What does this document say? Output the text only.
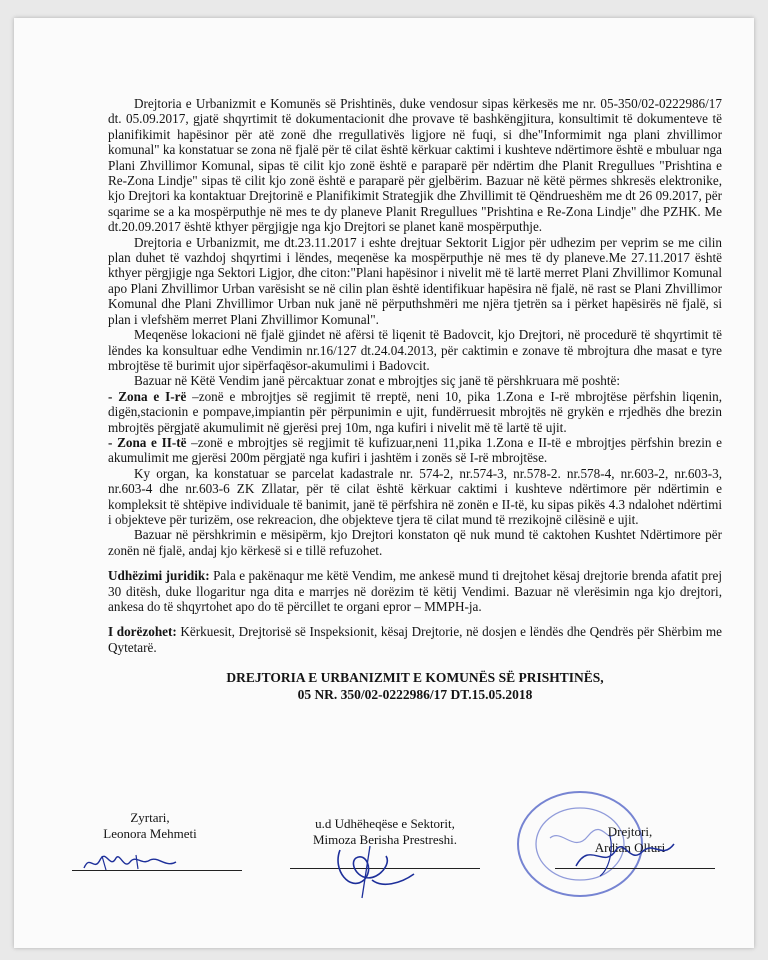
Drejtoria e Urbanizmit e Komunës së Prishtinës, duke vendosur sipas kërkesës me nr. 05-350/02-0222986/17 dt. 05.09.2017, gjatë shqyrtimit të dokumentacionit dhe provave të bashkëngjitura, konsultimit të dokumenteve të planifikimit hapësinor për atë zonë dhe rregullativës ligjore në fuqi, si dhe"Informimit nga plani zhvillimor komunal" ka konstatuar se zona në fjalë për të cilat është kërkuar caktimi i kushteve ndërtimore është e mbuluar nga Plani Zhvillimor Komunal, sipas të cilit kjo zonë është e paraparë për ndërtim dhe Planit Rregullues "Prishtina e Re-Zona Lindje" sipas të cilit kjo zonë është e paraparë për gjelbërim. Bazuar në këtë përmes shkresës elektronike, kjo Drejtori ka kontaktuar Drejtorinë e Planifikimit Strategjik dhe Zhvillimit të Qëndrueshëm me dt 26 09.2017, për sqarime se a ka mospërputhje në mes te dy planeve Planit Rregullues "Prishtina e Re-Zona Lindje" dhe PZHK. Me dt.20.09.2017 është kthyer përgjigje nga kjo Drejtori se planet kanë mospërputhje.

Drejtoria e Urbanizmit, me dt.23.11.2017 i eshte drejtuar Sektorit Ligjor për udhezim per veprim se me cilin plan duhet të vazhdoj shqyrtimi i lëndes, meqenëse ka mospërputhje në mes të dy planeve.Me 27.11.2017 është kthyer përgjigje nga Sektori Ligjor, dhe citon:"Plani hapësinor i nivelit më të lartë merret Plani Zhvillimor Komunal apo Plani Zhvillimor Urban varësisht se në cilin plan është identifikuar hapësira në fjalë, në rast se Plani Zhvillimor Komunal dhe Plani Zhvillimor Urban nuk janë në përputhshmëri me njëra tjetrën sa i përket hapësirës në fjalë, si plan i vlefshëm merret Plani Zhvillimor Komunal".

Meqenëse lokacioni në fjalë gjindet në afërsi të liqenit të Badovcit, kjo Drejtori, në procedurë të shqyrtimit të lëndes ka konsultuar edhe Vendimin nr.16/127 dt.24.04.2013, për caktimin e zonave të mbrojtura dhe masat e tyre mbrojtëse të burimit ujor sipërfaqësor-akumulimi i Badovcit.

Bazuar në Këtë Vendim janë përcaktuar zonat e mbrojtjes siç janë të përshkruara më poshtë:

- Zona e I-rë –zonë e mbrojtjes së regjimit të rreptë, neni 10, pika 1.Zona e I-rë mbrojtëse përfshin liqenin, digën,stacionin e pompave,impiantin për përpunimin e ujit, fundërruesit mbrojtës në grykën e rrjedhës dhe brezin mbrojtës përgjatë akumulimit në gjerësi prej 10m, nga kufiri i nivelit më të lartë të ujit.

- Zona e II-të –zonë e mbrojtjes së regjimit të kufizuar,neni 11,pika 1.Zona e II-të e mbrojtjes përfshin brezin e akumulimit me gjerësi 200m përgjatë nga kufiri i jashtëm i zonës së I-rë mbrojtëse.

Ky organ, ka konstatuar se parcelat kadastrale nr. 574-2, nr.574-3, nr.578-2. nr.578-4, nr.603-2, nr.603-3, nr.603-4 dhe nr.603-6 ZK Zllatar, për të cilat është kërkuar caktimi i kushteve ndërtimore për ndërtimin e kompleksit të shtëpive individuale të banimit, janë të përfshira në zonën e II-të, ku sipas pikës 4.3 ndalohet ndërtimi i objekteve për turizëm, ose rekreacion, dhe objekteve tjera të cilat mund të rrezikojnë cilësinë e ujit.

Bazuar në përshkrimin e mësipërm, kjo Drejtori konstaton që nuk mund të caktohen Kushtet Ndërtimore për zonën në fjalë, andaj kjo kërkesë si e tillë refuzohet.

Udhëzimi juridik: Pala e pakënaqur me këtë Vendim, me ankesë mund ti drejtohet kësaj drejtorie brenda afatit prej 30 ditësh, duke llogaritur nga dita e marrjes në dorëzim të këtij Vendimi. Bazuar në vlerësimin nga kjo drejtori, ankesa do të shqyrtohet apo do të përcillet te organi epror – MMPH-ja.

I dorëzohet: Kërkuesit, Drejtorisë së Inspeksionit, kësaj Drejtorie, në dosjen e lëndës dhe Qendrës për Shërbim me Qytetarë.

DREJTORIA E URBANIZMIT E KOMUNËS SË PRISHTINËS,
05 NR. 350/02-0222986/17 DT.15.05.2018
Zyrtari,
Leonora Mehmeti
u.d Udhëheqëse e Sektorit,
Mimoza Berisha Prestreshi.
Drejtori,
Ardian Olluri
